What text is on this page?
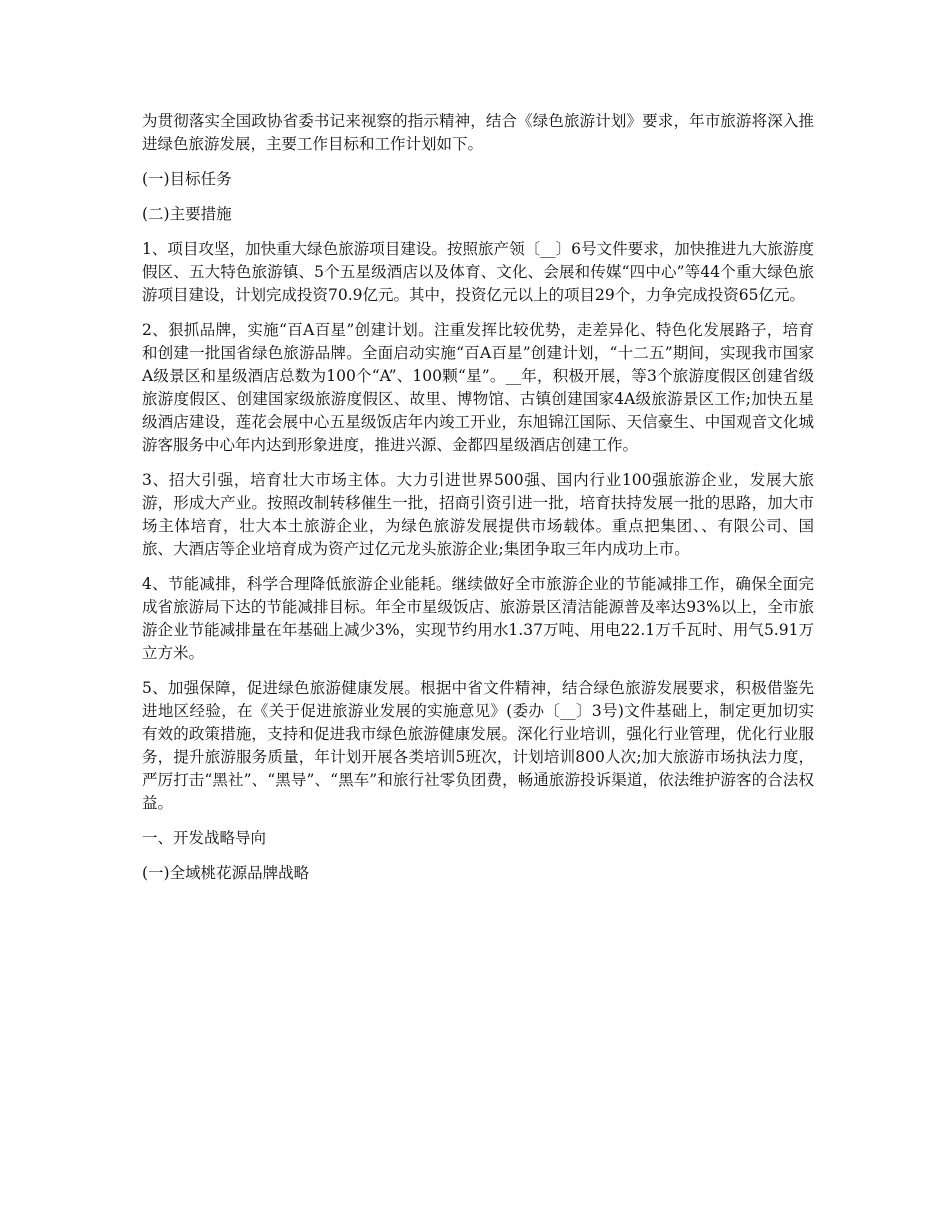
为贯彻落实全国政协省委书记来视察的指示精神，结合《绿色旅游计划》要求，年市旅游将深入推进绿色旅游发展，主要工作目标和工作计划如下。

(一)目标任务

(二)主要措施

1、项目攻坚，加快重大绿色旅游项目建设。按照旅产领〔__〕6号文件要求，加快推进九大旅游度假区、五大特色旅游镇、5个五星级酒店以及体育、文化、会展和传媒“四中心”等44个重大绿色旅游项目建设，计划完成投资70.9亿元。其中，投资亿元以上的项目29个，力争完成投资65亿元。

2、狠抓品牌，实施“百A百星”创建计划。注重发挥比较优势，走差异化、特色化发展路子，培育和创建一批国省绿色旅游品牌。全面启动实施“百A百星”创建计划，“十二五”期间，实现我市国家A级景区和星级酒店总数为100个“A”、100颗“星”。__年，积极开展，等3个旅游度假区创建省级旅游度假区、创建国家级旅游度假区、故里、博物馆、古镇创建国家4A级旅游景区工作;加快五星级酒店建设，莲花会展中心五星级饭店年内竣工开业，东旭锦江国际、天信豪生、中国观音文化城游客服务中心年内达到形象进度，推进兴源、金都四星级酒店创建工作。

3、招大引强，培育壮大市场主体。大力引进世界500强、国内行业100强旅游企业，发展大旅游，形成大产业。按照改制转移催生一批，招商引资引进一批，培育扶持发展一批的思路，加大市场主体培育，壮大本土旅游企业，为绿色旅游发展提供市场载体。重点把集团、、有限公司、国旅、大酒店等企业培育成为资产过亿元龙头旅游企业;集团争取三年内成功上市。

4、节能减排，科学合理降低旅游企业能耗。继续做好全市旅游企业的节能减排工作，确保全面完成省旅游局下达的节能减排目标。年全市星级饭店、旅游景区清洁能源普及率达93%以上，全市旅游企业节能减排量在年基础上减少3%，实现节约用水1.37万吨、用电22.1万千瓦时、用气5.91万立方米。

5、加强保障，促进绿色旅游健康发展。根据中省文件精神，结合绿色旅游发展要求，积极借鉴先进地区经验，在《关于促进旅游业发展的实施意见》(委办〔__〕3号)文件基础上，制定更加切实有效的政策措施，支持和促进我市绿色旅游健康发展。深化行业培训，强化行业管理，优化行业服务，提升旅游服务质量，年计划开展各类培训5班次，计划培训800人次;加大旅游市场执法力度，严厉打击“黑社”、“黑导”、“黑车”和旅行社零负团费，畅通旅游投诉渠道，依法维护游客的合法权益。

一、开发战略导向

(一)全域桃花源品牌战略
